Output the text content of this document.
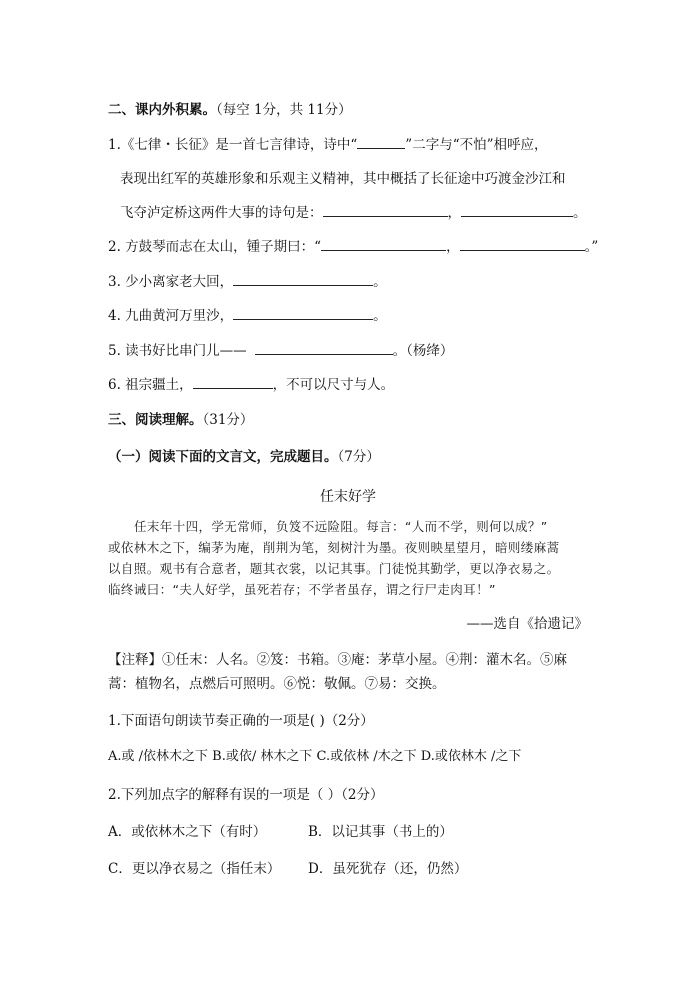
二、课内外积累。（每空 1分，共 11分）
1.《七律・长征》是一首七言律诗，诗中“	”二字与“不怕”相呼应，
表现出红军的英雄形象和乐观主义精神，其中概括了长征途中巧渡金沙江和
飞夺泸定桥这两件大事的诗句是：	，	。
2. 方鼓琴而志在太山，锺子期曰：“	，	。”
3. 少小离家老大回，	。
4. 九曲黄河万里沙，	。
5. 读书好比串门儿——	。（杨绛）
6. 祖宗疆土，	，不可以尺寸与人。
三、阅读理解。（31分）
（一）阅读下面的文言文，完成题目。（7分）
任末好学

任末年十四，学无常师，负笈不远险阻。每言：“人而不学，则何以成？”

或依林木之下，编茅为庵，削荆为笔，刻树汁为墨。夜则映星望月，暗则缕麻蒿

以自照。观书有合意者，题其衣裳，以记其事。门徒悦其勤学，更以净衣易之。

临终诫曰：“夫人好学，虽死若存；不学者虽存，谓之行尸走肉耳！”

——选自《拾遗记》

【注释】①任末：人名。②笈：书箱。③庵：茅草小屋。④荆：灌木名。⑤麻

蒿：植物名，点燃后可照明。⑥悦：敬佩。⑦易：交换。

1.下面语句朗读节奏正确的一项是( )（2分）
A.或 /依林木之下 B.或依/ 林木之下 C.或依林 /木之下 D.或依林木 /之下
2.下列加点字的解释有误的一项是（ ）（2分）
A．或依林木之下（有时）	B．以记其事（书上的）
C．更以净衣易之（指任末） D．虽死犹存（还，仍然）
